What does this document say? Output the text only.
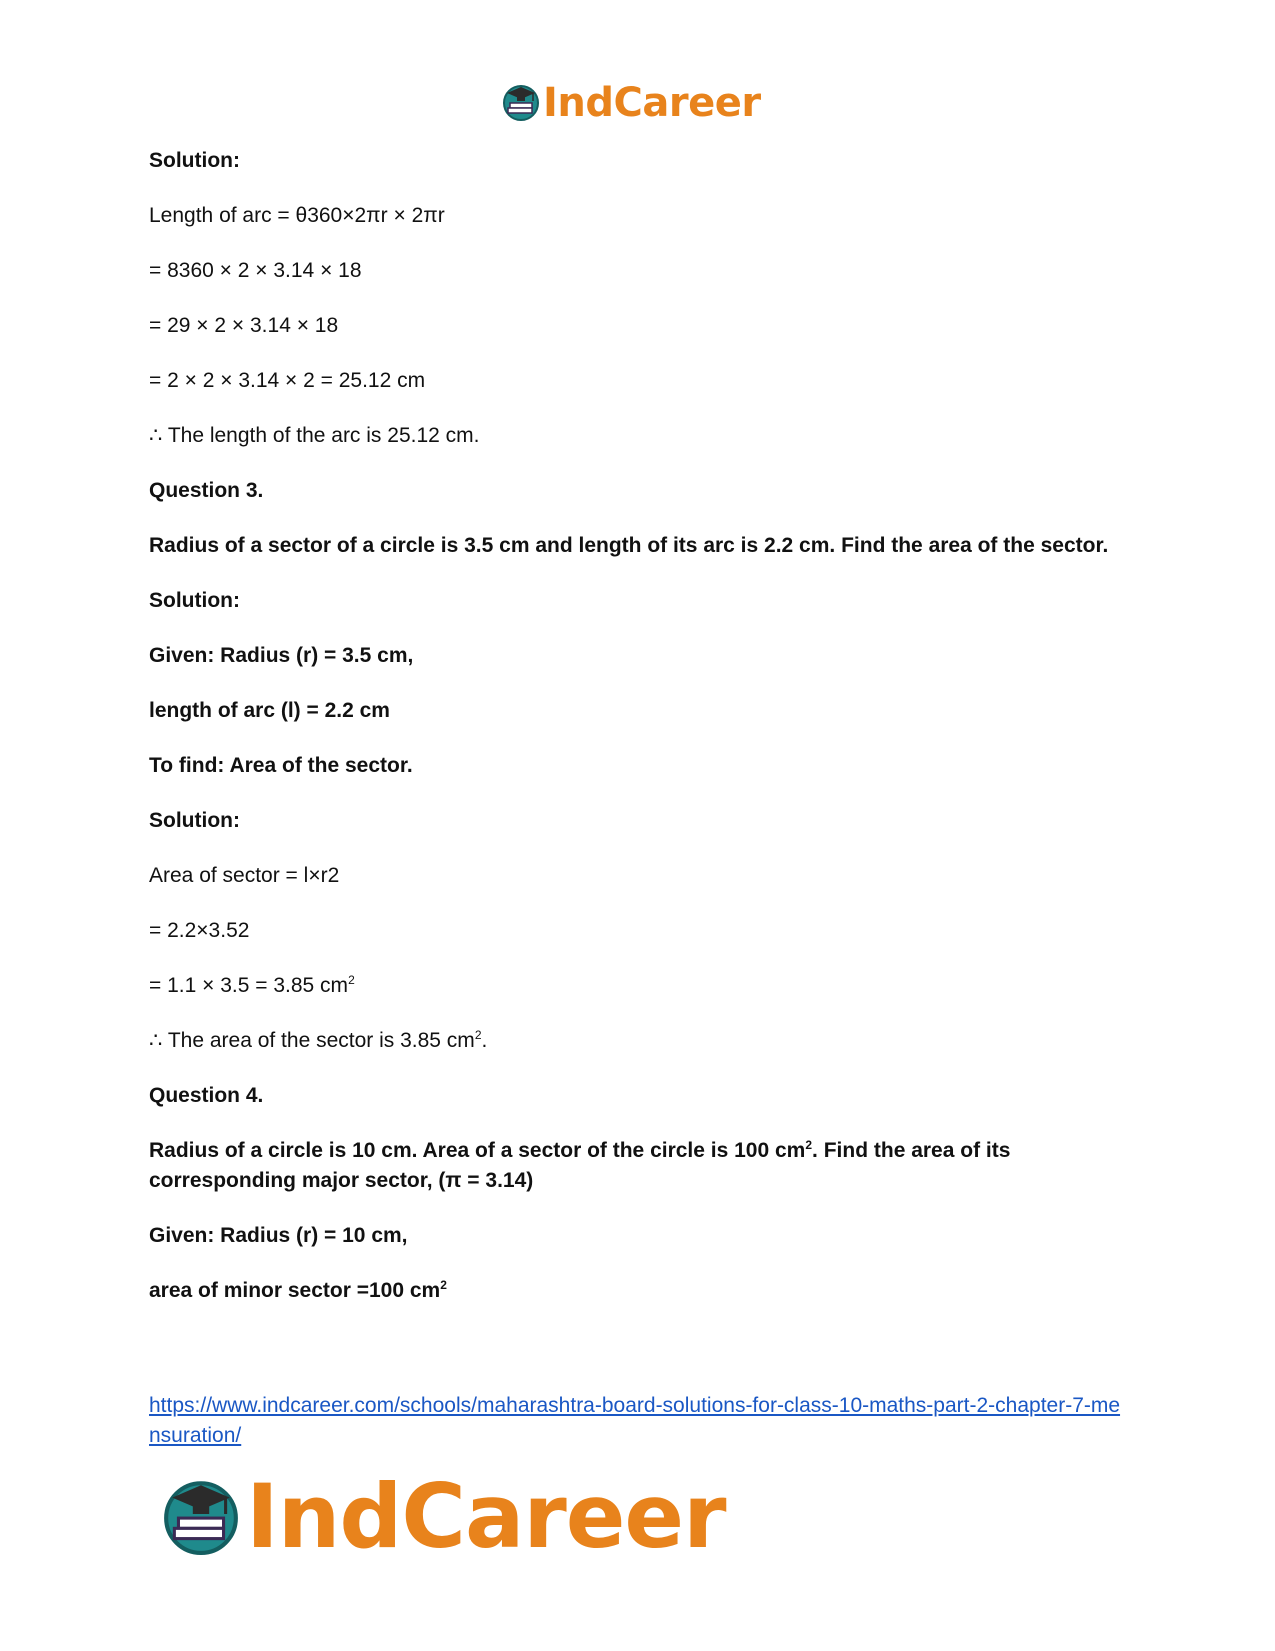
IndCareer

Solution:

Length of arc = θ360×2πr × 2πr

= 8360 × 2 × 3.14 × 18

= 29 × 2 × 3.14 × 18

= 2 × 2 × 3.14 × 2 = 25.12 cm

∴ The length of the arc is 25.12 cm.

Question 3.

Radius of a sector of a circle is 3.5 cm and length of its arc is 2.2 cm. Find the area of the sector.

Solution:

Given: Radius (r) = 3.5 cm,

length of arc (l) = 2.2 cm

To find: Area of the sector.

Solution:

Area of sector = l×r2

= 2.2×3.52

= 1.1 × 3.5 = 3.85 $cm^2$

∴ The area of the sector is 3.85 $cm^2$.

Question 4.

Radius of a circle is 10 cm. Area of a sector of the circle is 100 $cm^2$. Find the area of its corresponding major sector, (π = 3.14)

Given: Radius (r) = 10 cm,

area of minor sector =100 $cm^2$

https://www.indcareer.com/schools/maharashtra-board-solutions-for-class-10-maths-part-2-chapter-7-mensuration/
IndCareer
